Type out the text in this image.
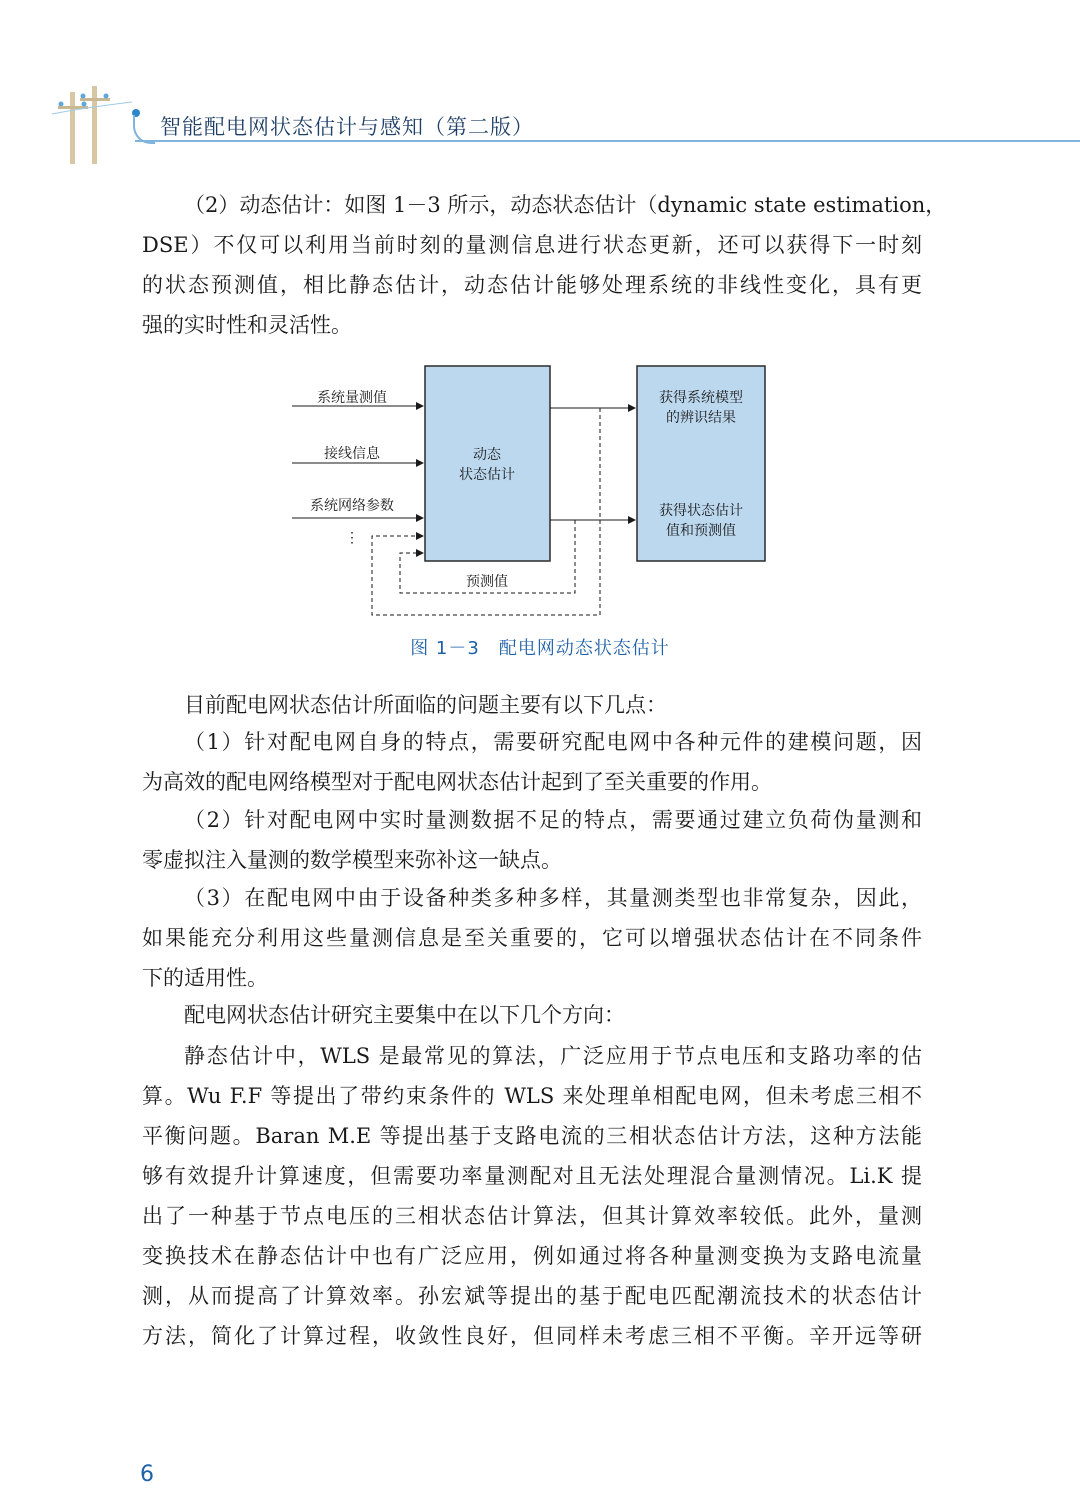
智能配电网状态估计与感知（第二版）
（2）动态估计：如图 1－3 所示，动态状态估计（dynamic state estimation，
DSE）不仅可以利用当前时刻的量测信息进行状态更新，还可以获得下一时刻
的状态预测值，相比静态估计，动态估计能够处理系统的非线性变化，具有更
强的实时性和灵活性。
系统量测值
接线信息
系统网络参数
⋮
动态
状态估计
获得系统模型
的辨识结果
获得状态估计
值和预测值
预测值
图 1－3　配电网动态状态估计
目前配电网状态估计所面临的问题主要有以下几点：
（1）针对配电网自身的特点，需要研究配电网中各种元件的建模问题，因
为高效的配电网络模型对于配电网状态估计起到了至关重要的作用。
（2）针对配电网中实时量测数据不足的特点，需要通过建立负荷伪量测和
零虚拟注入量测的数学模型来弥补这一缺点。
（3）在配电网中由于设备种类多种多样，其量测类型也非常复杂，因此，
如果能充分利用这些量测信息是至关重要的，它可以增强状态估计在不同条件
下的适用性。
配电网状态估计研究主要集中在以下几个方向：
静态估计中，WLS 是最常见的算法，广泛应用于节点电压和支路功率的估
算。Wu F.F 等提出了带约束条件的 WLS 来处理单相配电网，但未考虑三相不
平衡问题。Baran M.E 等提出基于支路电流的三相状态估计方法，这种方法能
够有效提升计算速度，但需要功率量测配对且无法处理混合量测情况。Li.K 提
出了一种基于节点电压的三相状态估计算法，但其计算效率较低。此外，量测
变换技术在静态估计中也有广泛应用，例如通过将各种量测变换为支路电流量
测，从而提高了计算效率。孙宏斌等提出的基于配电匹配潮流技术的状态估计
方法，简化了计算过程，收敛性良好，但同样未考虑三相不平衡。辛开远等研
6
